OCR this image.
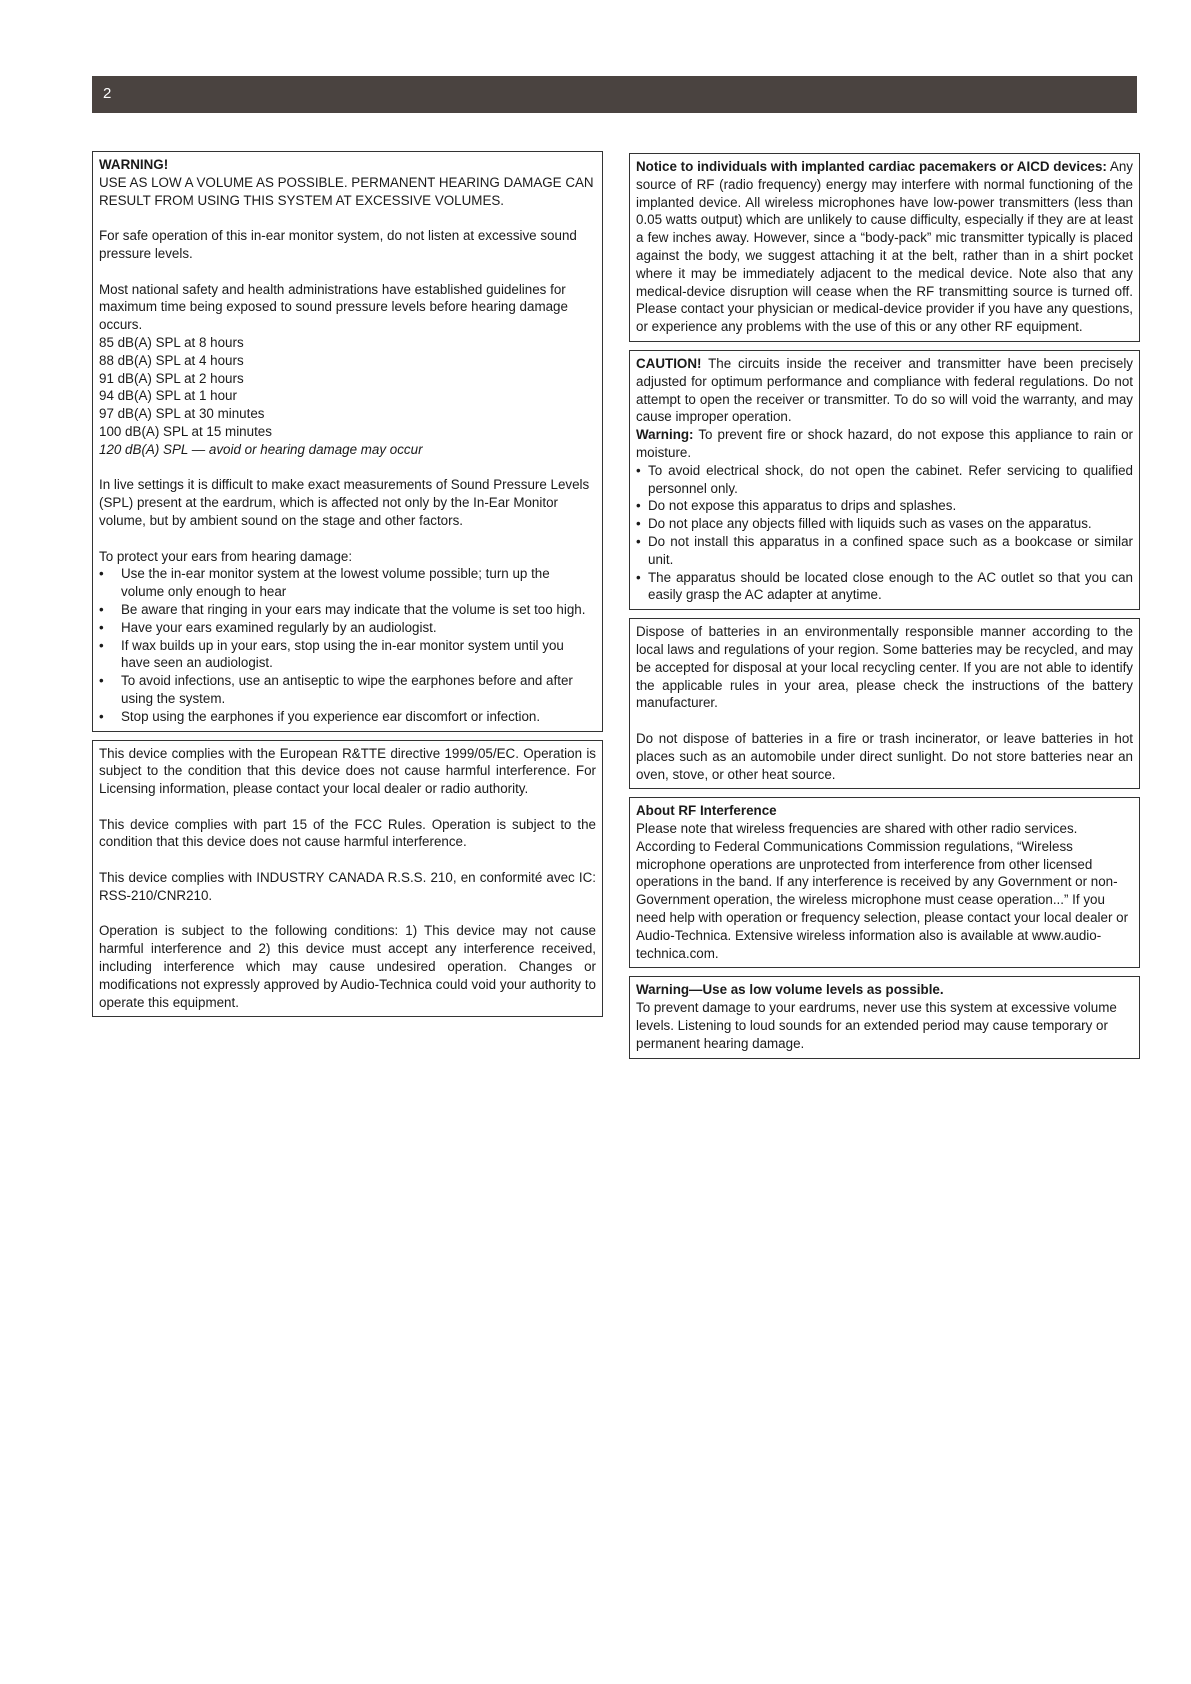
2

WARNING!

USE AS LOW A VOLUME AS POSSIBLE. PERMANENT HEARING DAMAGE CAN RESULT FROM USING THIS SYSTEM AT EXCESSIVE VOLUMES.

For safe operation of this in-ear monitor system, do not listen at excessive sound pressure levels.

Most national safety and health administrations have established guidelines for maximum time being exposed to sound pressure levels before hearing damage occurs.

85 dB(A) SPL at 8 hours

88 dB(A) SPL at 4 hours

91 dB(A) SPL at 2 hours

94 dB(A) SPL at 1 hour

97 dB(A) SPL at 30 minutes

100 dB(A) SPL at 15 minutes

120 dB(A) SPL — avoid or hearing damage may occur

In live settings it is difficult to make exact measurements of Sound Pressure Levels (SPL) present at the eardrum, which is affected not only by the In-Ear Monitor volume, but by ambient sound on the stage and other factors.

To protect your ears from hearing damage:

• Use the in-ear monitor system at the lowest volume possible; turn up the volume only enough to hear
• Be aware that ringing in your ears may indicate that the volume is set too high.
• Have your ears examined regularly by an audiologist.
• If wax builds up in your ears, stop using the in-ear monitor system until you have seen an audiologist.
• To avoid infections, use an antiseptic to wipe the earphones before and after using the system.
• Stop using the earphones if you experience ear discomfort or infection.

This device complies with the European R&TTE directive 1999/05/EC. Operation is subject to the condition that this device does not cause harmful interference. For Licensing information, please contact your local dealer or radio authority.

This device complies with part 15 of the FCC Rules. Operation is subject to the condition that this device does not cause harmful interference.

This device complies with INDUSTRY CANADA R.S.S. 210, en conformité avec IC: RSS-210/CNR210.

Operation is subject to the following conditions: 1) This device may not cause harmful interference and 2) this device must accept any interference received, including interference which may cause undesired operation. Changes or modifications not expressly approved by Audio-Technica could void your authority to operate this equipment.

Notice to individuals with implanted cardiac pacemakers or AICD devices: Any source of RF (radio frequency) energy may interfere with normal functioning of the implanted device. All wireless microphones have low-power transmitters (less than 0.05 watts output) which are unlikely to cause difficulty, especially if they are at least a few inches away. However, since a “body-pack” mic transmitter typically is placed against the body, we suggest attaching it at the belt, rather than in a shirt pocket where it may be immediately adjacent to the medical device. Note also that any medical-device disruption will cease when the RF transmitting source is turned off. Please contact your physician or medical-device provider if you have any questions, or experience any problems with the use of this or any other RF equipment.

CAUTION! The circuits inside the receiver and transmitter have been precisely adjusted for optimum performance and compliance with federal regulations. Do not attempt to open the receiver or transmitter. To do so will void the warranty, and may cause improper operation.

Warning: To prevent fire or shock hazard, do not expose this appliance to rain or moisture.

• To avoid electrical shock, do not open the cabinet. Refer servicing to qualified personnel only.
• Do not expose this apparatus to drips and splashes.
• Do not place any objects filled with liquids such as vases on the apparatus.
• Do not install this apparatus in a confined space such as a bookcase or similar unit.
• The apparatus should be located close enough to the AC outlet so that you can easily grasp the AC adapter at anytime.

Dispose of batteries in an environmentally responsible manner according to the local laws and regulations of your region. Some batteries may be recycled, and may be accepted for disposal at your local recycling center. If you are not able to identify the applicable rules in your area, please check the instructions of the battery manufacturer.

Do not dispose of batteries in a fire or trash incinerator, or leave batteries in hot places such as an automobile under direct sunlight. Do not store batteries near an oven, stove, or other heat source.

About RF Interference

Please note that wireless frequencies are shared with other radio services. According to Federal Communications Commission regulations, “Wireless microphone operations are unprotected from interference from other licensed operations in the band. If any interference is received by any Government or non-Government operation, the wireless microphone must cease operation...” If you need help with operation or frequency selection, please contact your local dealer or Audio-Technica. Extensive wireless information also is available at www.audio-technica.com.

Warning—Use as low volume levels as possible.

To prevent damage to your eardrums, never use this system at excessive volume levels. Listening to loud sounds for an extended period may cause temporary or permanent hearing damage.
